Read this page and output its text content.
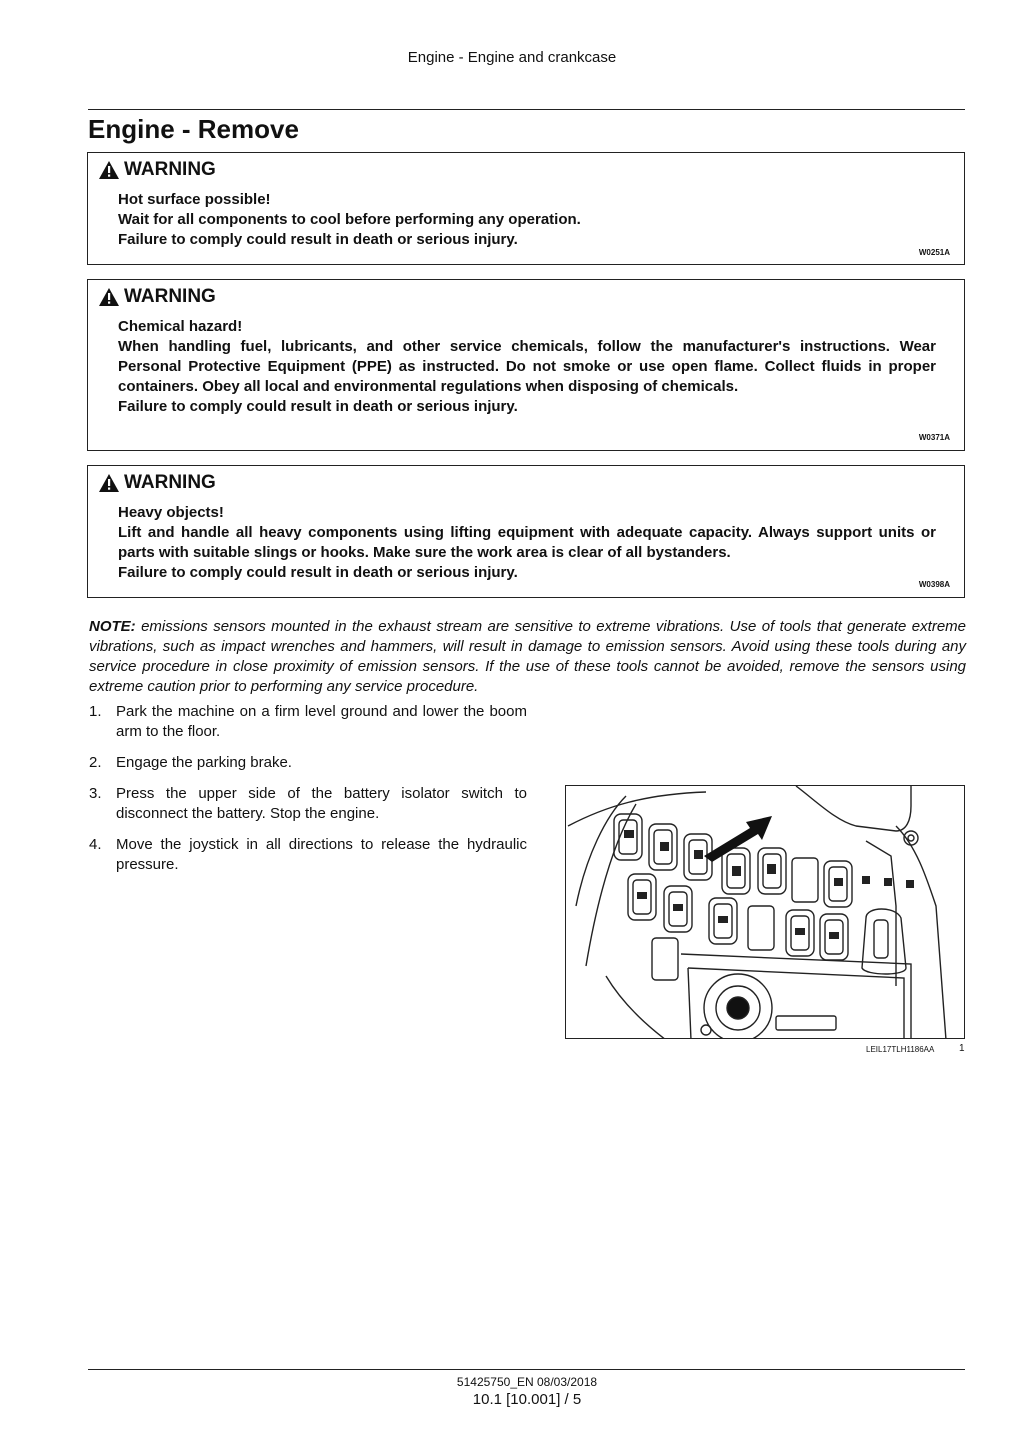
Engine - Engine and crankcase
Engine - Remove
WARNING
Hot surface possible!
Wait for all components to cool before performing any operation.
Failure to comply could result in death or serious injury.
W0251A
WARNING
Chemical hazard!
When handling fuel, lubricants, and other service chemicals, follow the manufacturer's instructions. Wear Personal Protective Equipment (PPE) as instructed. Do not smoke or use open flame. Collect fluids in proper containers. Obey all local and environmental regulations when disposing of chemicals.
Failure to comply could result in death or serious injury.
W0371A
WARNING
Heavy objects!
Lift and handle all heavy components using lifting equipment with adequate capacity. Always support units or parts with suitable slings or hooks. Make sure the work area is clear of all bystanders.
Failure to comply could result in death or serious injury.
W0398A
NOTE: emissions sensors mounted in the exhaust stream are sensitive to extreme vibrations. Use of tools that generate extreme vibrations, such as impact wrenches and hammers, will result in damage to emission sensors. Avoid using these tools during any service procedure in close proximity of emission sensors. If the use of these tools cannot be avoided, remove the sensors using extreme caution prior to performing any service procedure.
1. Park the machine on a firm level ground and lower the boom arm to the floor.
2. Engage the parking brake.
3. Press the upper side of the battery isolator switch to disconnect the battery. Stop the engine.
4. Move the joystick in all directions to release the hydraulic pressure.
LEIL17TLH1186AA 1
51425750_EN 08/03/2018
10.1 [10.001] / 5
